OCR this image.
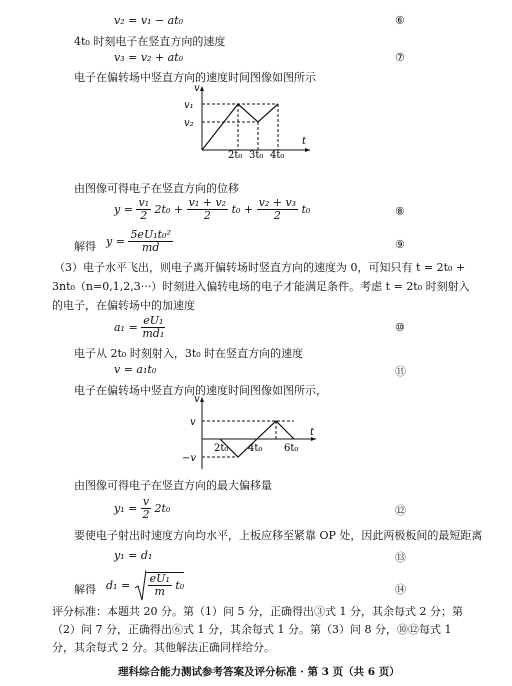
v₂ = v₁ − at₀	⑥
4t₀ 时刻电子在竖直方向的速度
v₃ = v₂ + at₀	⑦
电子在偏转场中竖直方向的速度时间图像如图所示
v
t
v₁
v₂
2t₀ 3t₀ 4t₀
由图像可得电子在竖直方向的位移
$y = \frac{\text{v₁}}{2} 2t_0 + \frac{\text{v₁ + v₂}}{2} t_0 + \frac{\text{v₂ + v₃}}{2} t_0$	⑧
解得 $y = \frac{\text{5eU₁t₀²}}{md}$	⑨
（3）电子水平飞出，则电子离开偏转场时竖直方向的速度为 0，可知只有 t = 2t₀ + 3nt₀（n=0,1,2,3···）时刻进入偏转电场的电子才能满足条件。考虑 t = 2t₀ 时刻射入的电子，在偏转场中的加速度
$a_1 = \frac{\text{eU₁}}{\text{md₁}}$	⑩
电子从 2t₀ 时刻射入，3t₀ 时在竖直方向的速度
v = a₁t₀	⑪
电子在偏转场中竖直方向的速度时间图像如图所示，
v
t
v
−v
2t₀ 4t₀ 6t₀
由图像可得电子在竖直方向的最大偏移量
$y_1 = \frac{v}{2} 2t_0$	⑫
要使电子射出时速度方向均水平，上板应移至紧靠 OP 处，因此两极板间的最短距离
y₁ = d₁	⑬
解得 $d_1 = \frac{\text{eU₁}}{m} t_0$	⑭
评分标准：本题共 20 分。第（1）问 5 分，正确得出③式 1 分，其余每式 2 分；第（2）问 7 分，正确得出⑥式 1 分，其余每式 1 分。第（3）问 8 分，⑩⑫每式 1 分，其余每式 2 分。其他解法正确同样给分。
理科综合能力测试参考答案及评分标准 · 第 3 页（共 6 页）
